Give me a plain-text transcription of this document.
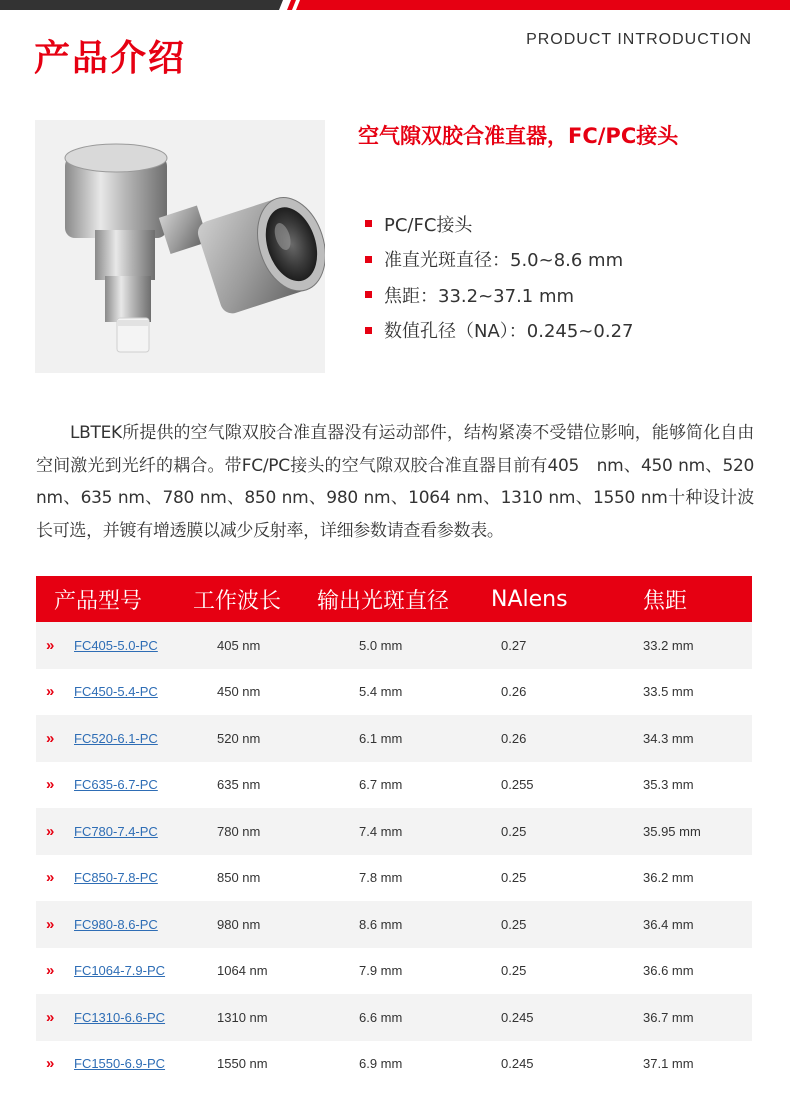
产品介绍	PRODUCT INTRODUCTION
空气隙双胶合准直器，FC/PC接头
PC/FC接头
准直光斑直径：5.0~8.6 mm
焦距：33.2~37.1 mm
数值孔径（NA）：0.245~0.27

LBTEK所提供的空气隙双胶合准直器没有运动部件，结构紧凑不受错位影响，能够简化自由空间激光到光纤的耦合。带FC/PC接头的空气隙双胶合准直器目前有405　nm、450 nm、520 nm、635 nm、780 nm、850 nm、980 nm、1064 nm、1310 nm、1550 nm十种设计波长可选，并镀有增透膜以减少反射率，详细参数请查看参数表。

产品型号	工作波长	输出光斑直径	NAlens	焦距
»	FC405-5.0-PC	405 nm	5.0 mm	0.27	33.2 mm
»	FC450-5.4-PC	450 nm	5.4 mm	0.26	33.5 mm
»	FC520-6.1-PC	520 nm	6.1 mm	0.26	34.3 mm
»	FC635-6.7-PC	635 nm	6.7 mm	0.255	35.3 mm
»	FC780-7.4-PC	780 nm	7.4 mm	0.25	35.95 mm
»	FC850-7.8-PC	850 nm	7.8 mm	0.25	36.2 mm
»	FC980-8.6-PC	980 nm	8.6 mm	0.25	36.4 mm
»	FC1064-7.9-PC	1064 nm	7.9 mm	0.25	36.6 mm
»	FC1310-6.6-PC	1310 nm	6.6 mm	0.245	36.7 mm
»	FC1550-6.9-PC	1550 nm	6.9 mm	0.245	37.1 mm
